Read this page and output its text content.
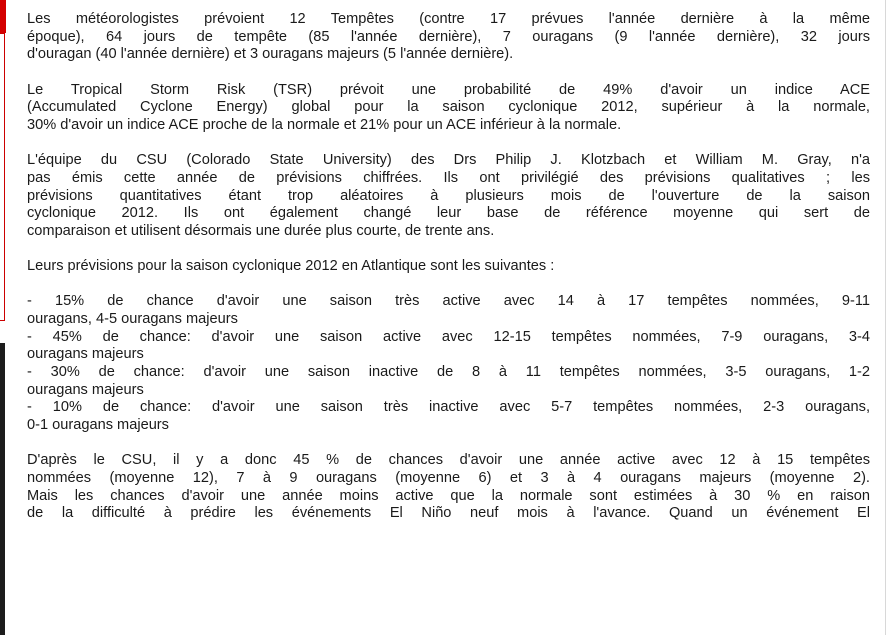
Les météorologistes prévoient 12 Tempêtes (contre 17 prévues l'année dernière à la même
époque), 64 jours de tempête (85 l'année dernière), 7 ouragans (9 l'année dernière), 32 jours
d'ouragan (40 l'année dernière) et 3 ouragans majeurs (5 l'année dernière).
Le Tropical Storm Risk (TSR) prévoit une probabilité de 49% d'avoir un indice ACE
(Accumulated Cyclone Energy) global pour la saison cyclonique 2012, supérieur à la normale,
30% d'avoir un indice ACE proche de la normale et 21% pour un ACE inférieur à la normale.
L'équipe du CSU (Colorado State University) des Drs Philip J. Klotzbach et William M. Gray, n'a
pas émis cette année de prévisions chiffrées. Ils ont privilégié des prévisions qualitatives ; les
prévisions quantitatives étant trop aléatoires à plusieurs mois de l'ouverture de la saison
cyclonique 2012. Ils ont également changé leur base de référence moyenne qui sert de
comparaison et utilisent désormais une durée plus courte, de trente ans.
Leurs prévisions pour la saison cyclonique 2012 en Atlantique sont les suivantes :
- 15% de chance d'avoir une saison très active avec 14 à 17 tempêtes nommées, 9-11
ouragans, 4-5 ouragans majeurs
- 45% de chance: d'avoir une saison active avec 12-15 tempêtes nommées, 7-9 ouragans, 3-4
ouragans majeurs
- 30% de chance: d'avoir une saison inactive de 8 à 11 tempêtes nommées, 3-5 ouragans, 1-2
ouragans majeurs
- 10% de chance: d'avoir une saison très inactive avec 5-7 tempêtes nommées, 2-3 ouragans,
0-1 ouragans majeurs
D'après le CSU, il y a donc 45 % de chances d'avoir une année active avec 12 à 15 tempêtes
nommées (moyenne 12), 7 à 9 ouragans (moyenne 6) et 3 à 4 ouragans majeurs (moyenne 2).
Mais les chances d'avoir une année moins active que la normale sont estimées à 30 % en raison
de la difficulté à prédire les événements El Niño neuf mois à l'avance. Quand un événement El
